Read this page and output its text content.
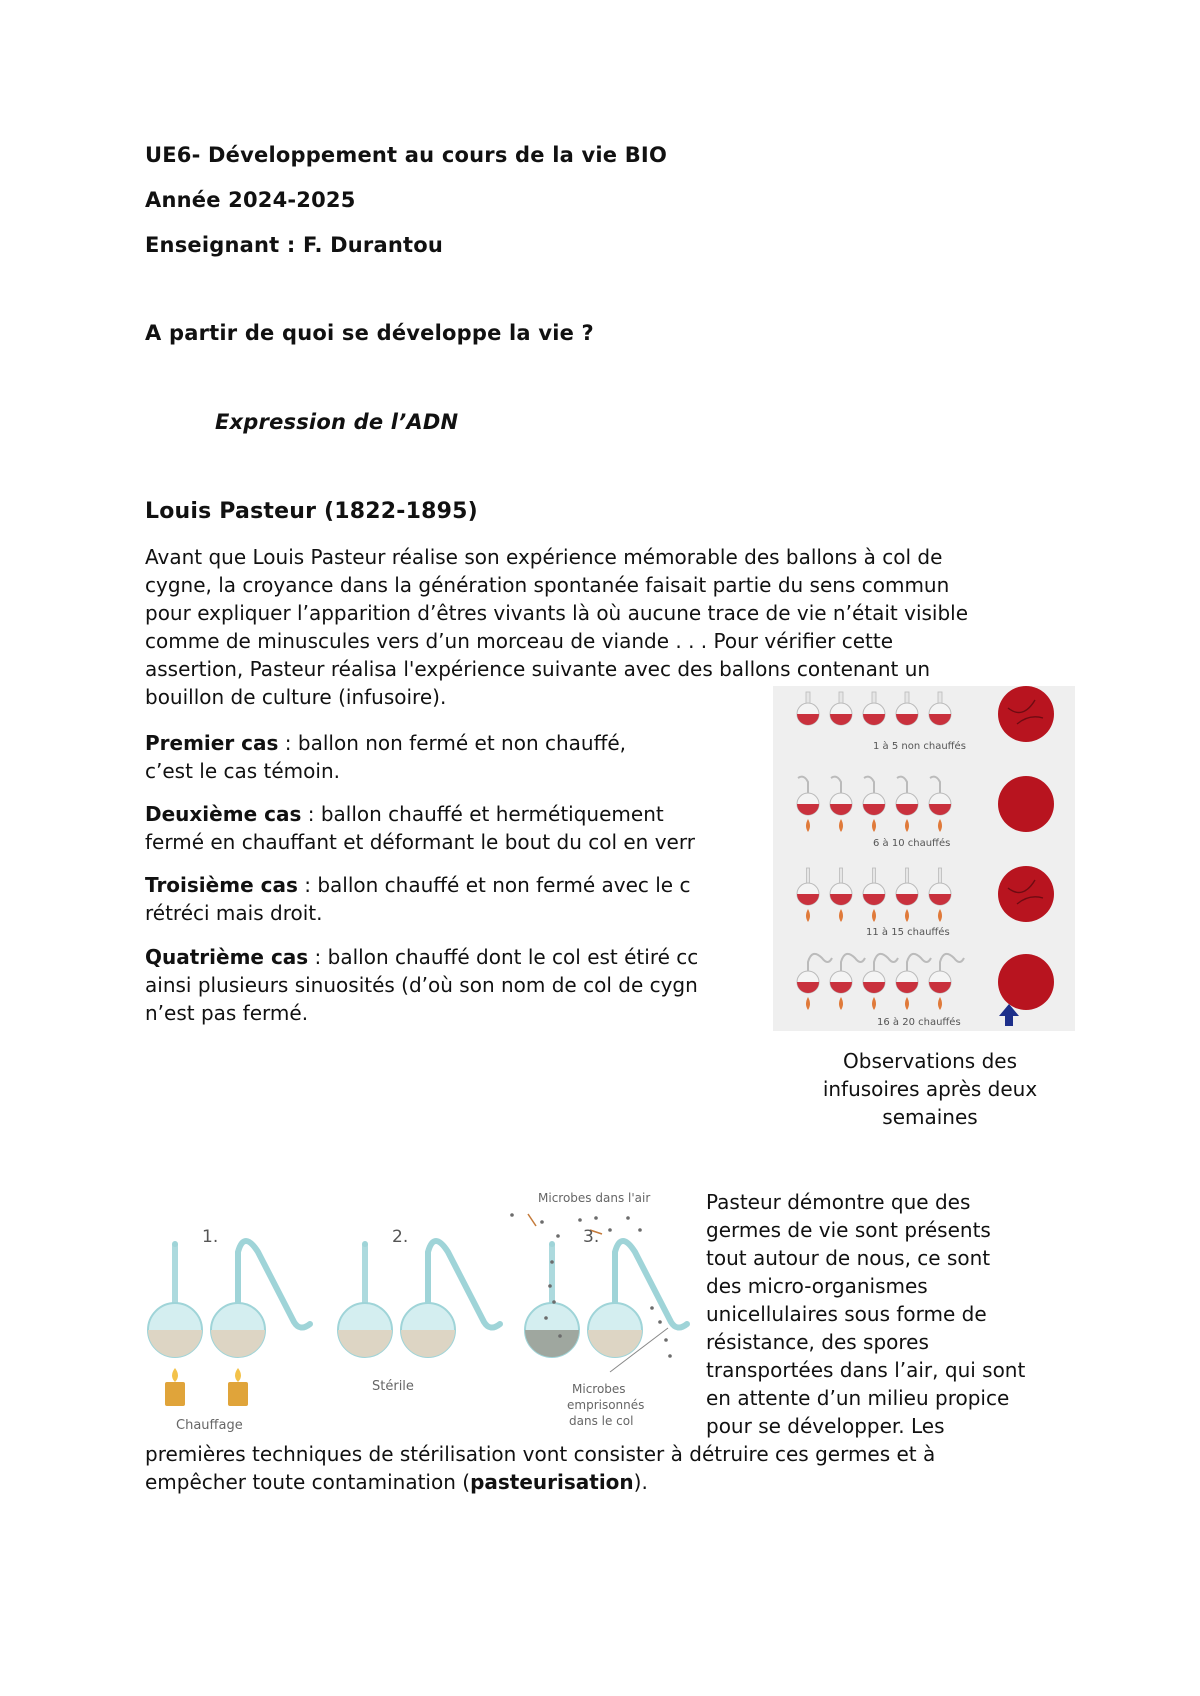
UE6- Développement au cours de la vie BIO
Année 2024-2025
Enseignant : F. Durantou
A partir de quoi se développe la vie ?
Expression de l’ADN
Louis Pasteur (1822-1895)
Avant que Louis Pasteur réalise son expérience mémorable des ballons à col de
cygne, la croyance dans la génération spontanée faisait partie du sens commun
pour expliquer l’apparition d’êtres vivants là où aucune trace de vie n’était visible
comme de minuscules vers d’un morceau de viande . . . Pour vérifier cette
assertion, Pasteur réalisa l'expérience suivante avec des ballons contenant un
bouillon de culture (infusoire).
Premier cas : ballon non fermé et non chauffé,
c’est le cas témoin.
Deuxième cas : ballon chauffé et hermétiquement
fermé en chauffant et déformant le bout du col en verr
Troisième cas : ballon chauffé et non fermé avec le c
rétréci mais droit.
Quatrième cas : ballon chauffé dont le col est étiré cc
ainsi plusieurs sinuosités (d’où son nom de col de cygn
n’est pas fermé.
1 à 5 non chauffés
6 à 10 chauffés
11 à 15 chauffés
16 à 20 chauffés
Observations des
infusoires après deux
semaines
1.	2.	3.
Microbes dans l'air
Chauffage
Stérile	Microbes
emprisonnés
dans le col
Pasteur démontre que des
germes de vie sont présents
tout autour de nous, ce sont
des micro-organismes
unicellulaires sous forme de
résistance, des spores
transportées dans l’air, qui sont
en attente d’un milieu propice
pour se développer. Les
premières techniques de stérilisation vont consister à détruire ces germes et à
empêcher toute contamination (pasteurisation).
